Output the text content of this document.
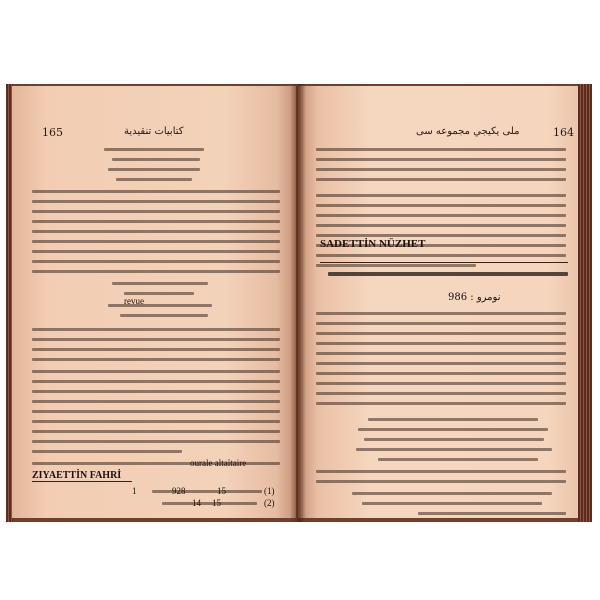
165	كتابيات تنقيدية
revue
ourale altaïtaire
ZIYAETTİN FAHRİ
(1)
(2)
928	15
1
14 15
164
ملى يكيجي مجموعه سى
SADETTİN NÜZHET
نومرو : 986
